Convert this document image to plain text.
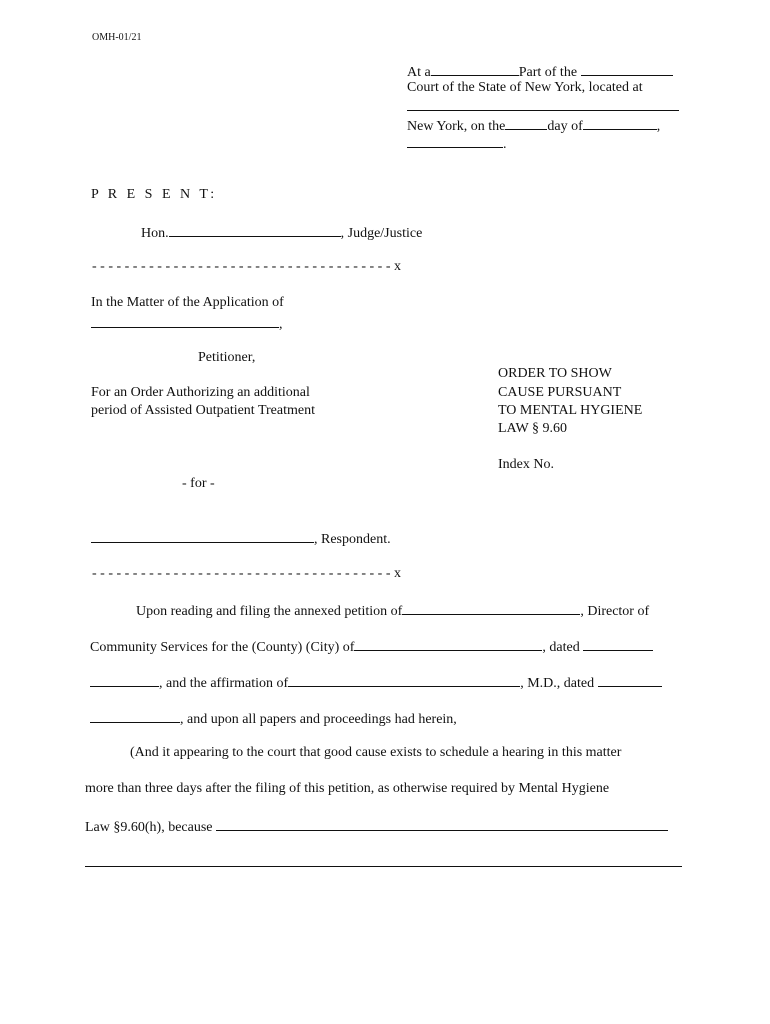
OMH-01/21
At a	Part of the
Court of the State of New York, located at
New York, on the	day of	,
.
P R E S E N T:
Hon.	, Judge/Justice
- - - - - - - - - - - - - - - - - - - - - - - - - - - - - - - - - - - - - x
In the Matter of the Application of
,
Petitioner,
For an Order Authorizing an additional
period of Assisted Outpatient Treatment
- for -
, Respondent.
ORDER TO SHOW
CAUSE PURSUANT
TO MENTAL HYGIENE
LAW § 9.60
Index No.
- - - - - - - - - - - - - - - - - - - - - - - - - - - - - - - - - - - - - x
Upon reading and filing the annexed petition of	, Director of
Community Services for the (County) (City) of	, dated
, and the affirmation of	, M.D., dated
, and upon all papers and proceedings had herein,
(And it appearing to the court that good cause exists to schedule a hearing in this matter
more than three days after the filing of this petition, as otherwise required by Mental Hygiene
Law §9.60(h), because
